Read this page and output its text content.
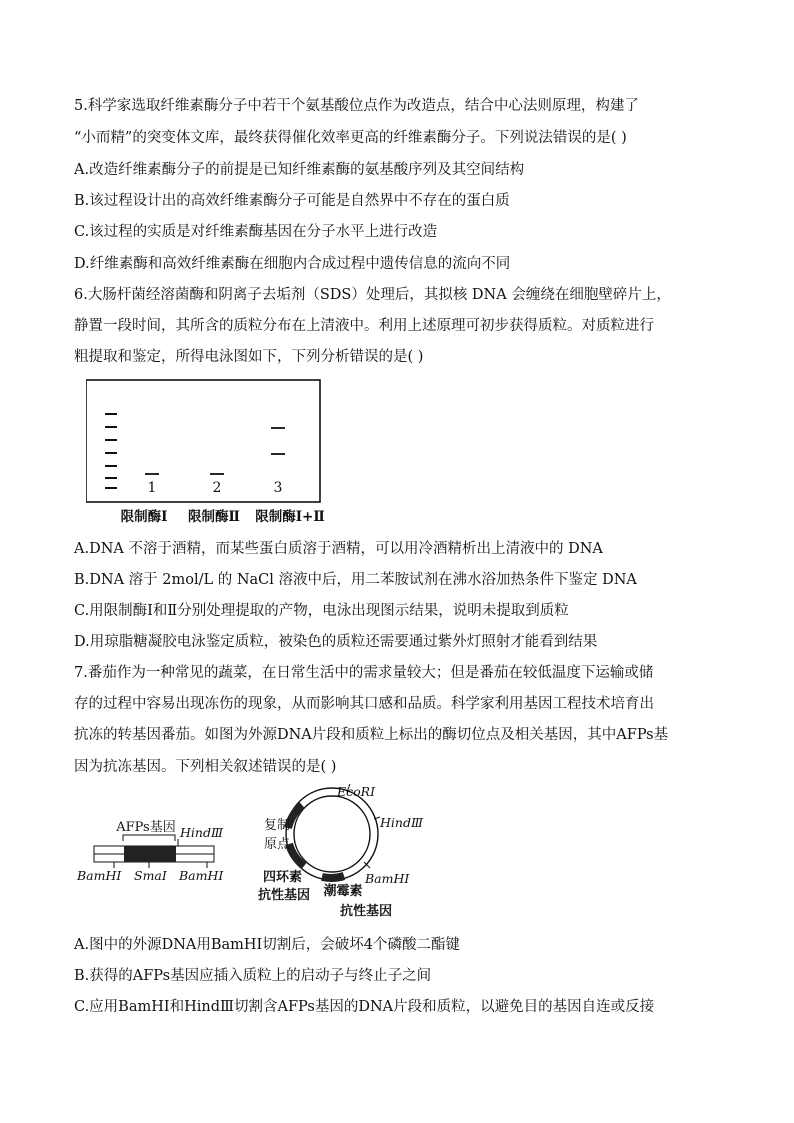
5.科学家选取纤维素酶分子中若干个氨基酸位点作为改造点，结合中心法则原理，构建了
“小而精”的突变体文库，最终获得催化效率更高的纤维素酶分子。下列说法错误的是( )
A.改造纤维素酶分子的前提是已知纤维素酶的氨基酸序列及其空间结构
B.该过程设计出的高效纤维素酶分子可能是自然界中不存在的蛋白质
C.该过程的实质是对纤维素酶基因在分子水平上进行改造
D.纤维素酶和高效纤维素酶在细胞内合成过程中遗传信息的流向不同
6.大肠杆菌经溶菌酶和阴离子去垢剂（SDS）处理后，其拟核 DNA 会缠绕在细胞壁碎片上，
静置一段时间，其所含的质粒分布在上清液中。利用上述原理可初步获得质粒。对质粒进行
粗提取和鉴定，所得电泳图如下，下列分析错误的是( )
1	2	3
限制酶Ⅰ 限制酶Ⅱ 限制酶Ⅰ+Ⅱ
A.DNA 不溶于酒精，而某些蛋白质溶于酒精，可以用冷酒精析出上清液中的 DNA
B.DNA 溶于 2mol/L 的 NaCl 溶液中后，用二苯胺试剂在沸水浴加热条件下鉴定 DNA
C.用限制酶Ⅰ和Ⅱ分别处理提取的产物，电泳出现图示结果，说明未提取到质粒
D.用琼脂糖凝胶电泳鉴定质粒，被染色的质粒还需要通过紫外灯照射才能看到结果
7.番茄作为一种常见的蔬菜，在日常生活中的需求量较大；但是番茄在较低温度下运输或储
存的过程中容易出现冻伤的现象，从而影响其口感和品质。科学家利用基因工程技术培育出
抗冻的转基因番茄。如图为外源DNA片段和质粒上标出的酶切位点及相关基因，其中AFPs基
因为抗冻基因。下列相关叙述错误的是( )
AFPs基因 HindⅢ
BamHⅠ SmaⅠ BamHⅠ
EcoRⅠ
HindⅢ
BamHⅠ
复制
原点
四环素
抗性基因 潮霉素
抗性基因
A.图中的外源DNA用BamHⅠ切割后，会破坏4个磷酸二酯键
B.获得的AFPs基因应插入质粒上的启动子与终止子之间
C.应用BamHⅠ和HindⅢ切割含AFPs基因的DNA片段和质粒，以避免目的基因自连或反接
